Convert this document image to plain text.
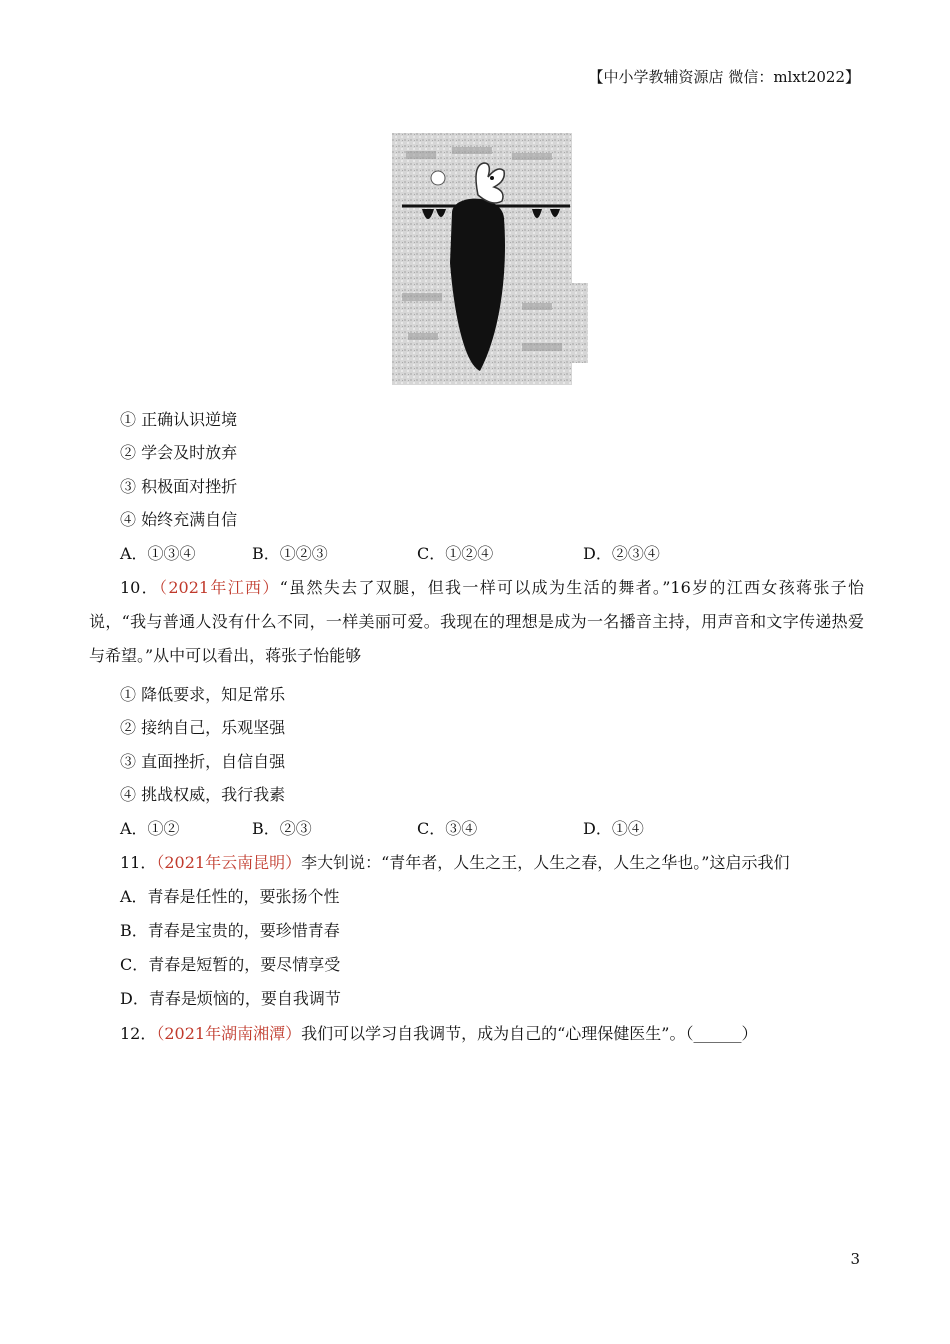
【中小学教辅资源店 微信：mlxt2022】
① 正确认识逆境
② 学会及时放弃
③ 积极面对挫折
④ 始终充满自信
A．①③④	B．①②③	C．①②④	D．②③④
10．（2021年江西）“虽然失去了双腿，但我一样可以成为生活的舞者。”16岁的江西女孩蒋张子怡说，“我与普通人没有什么不同，一样美丽可爱。我现在的理想是成为一名播音主持，用声音和文字传递热爱与希望。”从中可以看出，蒋张子怡能够
① 降低要求，知足常乐
② 接纳自己，乐观坚强
③ 直面挫折，自信自强
④ 挑战权威，我行我素
A．①②	B．②③	C．③④	D．①④
11．（2021年云南昆明）李大钊说：“青年者，人生之王，人生之春，人生之华也。”这启示我们
A．青春是任性的，要张扬个性
B．青春是宝贵的，要珍惜青春
C．青春是短暂的，要尽情享受
D．青春是烦恼的，要自我调节
12．（2021年湖南湘潭）我们可以学习自我调节，成为自己的“心理保健医生”。（______）
3
